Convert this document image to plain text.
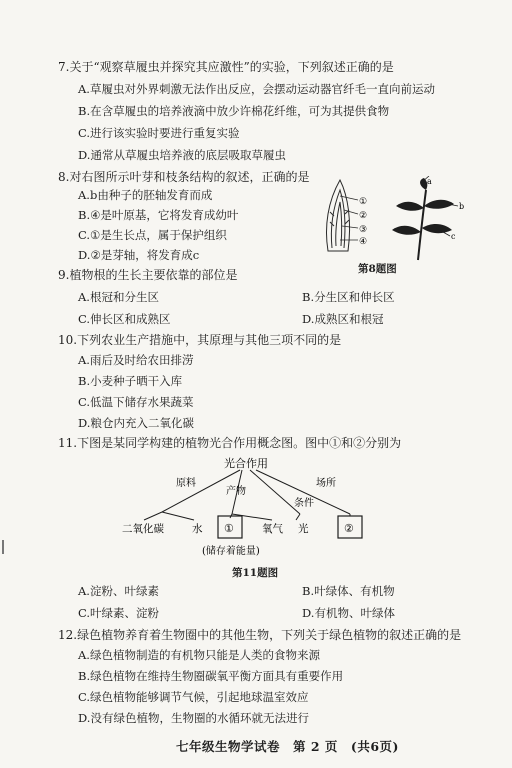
7.关于“观察草履虫并探究其应激性”的实验，下列叙述正确的是
A.草履虫对外界刺激无法作出反应，会摆动运动器官纤毛一直向前运动
B.在含草履虫的培养液滴中放少许棉花纤维，可为其提供食物
C.进行该实验时要进行重复实验
D.通常从草履虫培养液的底层吸取草履虫
8.对右图所示叶芽和枝条结构的叙述，正确的是
A.b由种子的胚轴发育而成
B.④是叶原基，它将发育成幼叶
C.①是生长点，属于保护组织
D.②是芽轴，将发育成c
①
②
③
④
a
b
c
第8题图
9.植物根的生长主要依靠的部位是
A.根冠和分生区	B.分生区和伸长区
C.伸长区和成熟区	D.成熟区和根冠
10.下列农业生产措施中，其原理与其他三项不同的是
A.雨后及时给农田排涝
B.小麦种子晒干入库
C.低温下储存水果蔬菜
D.粮仓内充入二氧化碳
11.下图是某同学构建的植物光合作用概念图。图中①和②分别为
光合作用
原料
产物
条件
场所
二氧化碳	水 ①	氧气 光	②
(储存着能量)
第11题图
A.淀粉、叶绿素	B.叶绿体、有机物
C.叶绿素、淀粉	D.有机物、叶绿体
12.绿色植物养育着生物圈中的其他生物，下列关于绿色植物的叙述正确的是
A.绿色植物制造的有机物只能是人类的食物来源
B.绿色植物在维持生物圈碳氧平衡方面具有重要作用
C.绿色植物能够调节气候，引起地球温室效应
D.没有绿色植物，生物圈的水循环就无法进行
七年级生物学试卷　第 2 页　(共6页)
